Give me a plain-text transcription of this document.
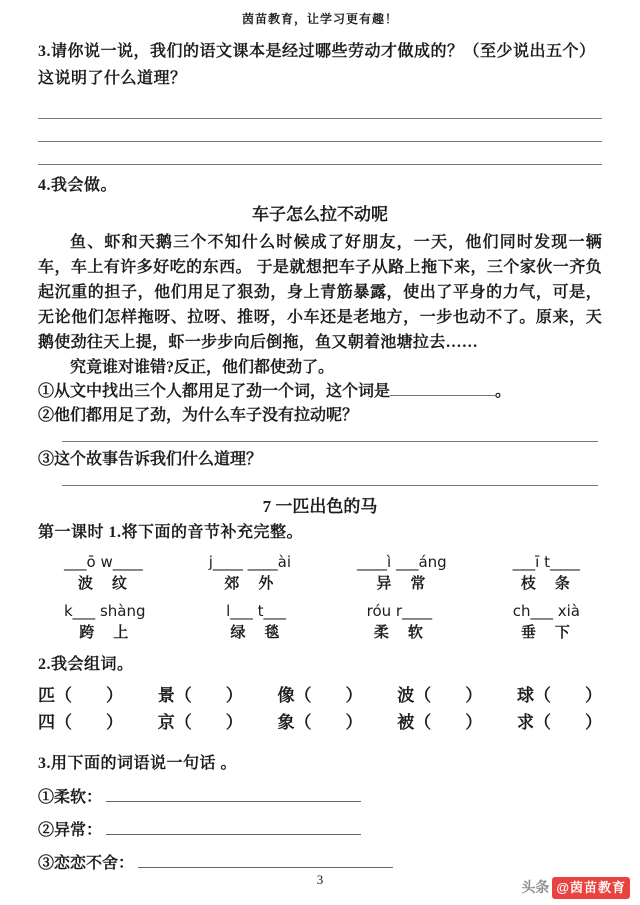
茵苗教育，让学习更有趣！

3.请你说一说，我们的语文课本是经过哪些劳动才做成的？（至少说出五个）这说明了什么道理？

4.我会做。

车子怎么拉不动呢

鱼、虾和天鹅三个不知什么时候成了好朋友，一天，他们同时发现一辆车，车上有许多好吃的东西。 于是就想把车子从路上拖下来，三个家伙一齐负起沉重的担子，他们用足了狠劲，身上青筋暴露，使出了平身的力气，可是，无论他们怎样拖呀、拉呀、推呀，小车还是老地方，一步也动不了。原来，天鹅使劲往天上提，虾一步步向后倒拖，鱼又朝着池塘拉去……

究竟谁对谁错?反正，他们都使劲了。

①从文中找出三个人都用足了劲一个词，这个词是	。
②他们都用足了劲，为什么车子没有拉动呢？
③这个故事告诉我们什么道理？

7 一匹出色的马

第一课时 1.将下面的音节补充完整。

___ō w____
波　纹
j____ ____ài
郊　外
____ì ___áng
异　常
___ī t____
枝　条
k___ shàng
跨　上
l___ t___
绿　毯
róu r____
柔　软
ch___ xià
垂　下

2.我会组词。

匹（　　） 景（　　） 像（　　） 波（　　） 球（　　）
四（　　） 京（　　） 象（　　） 被（　　） 求（　　）

3.用下面的词语说一句话 。

①柔软：
②异常：
③恋恋不舍：
3
头条 @茵苗教育
